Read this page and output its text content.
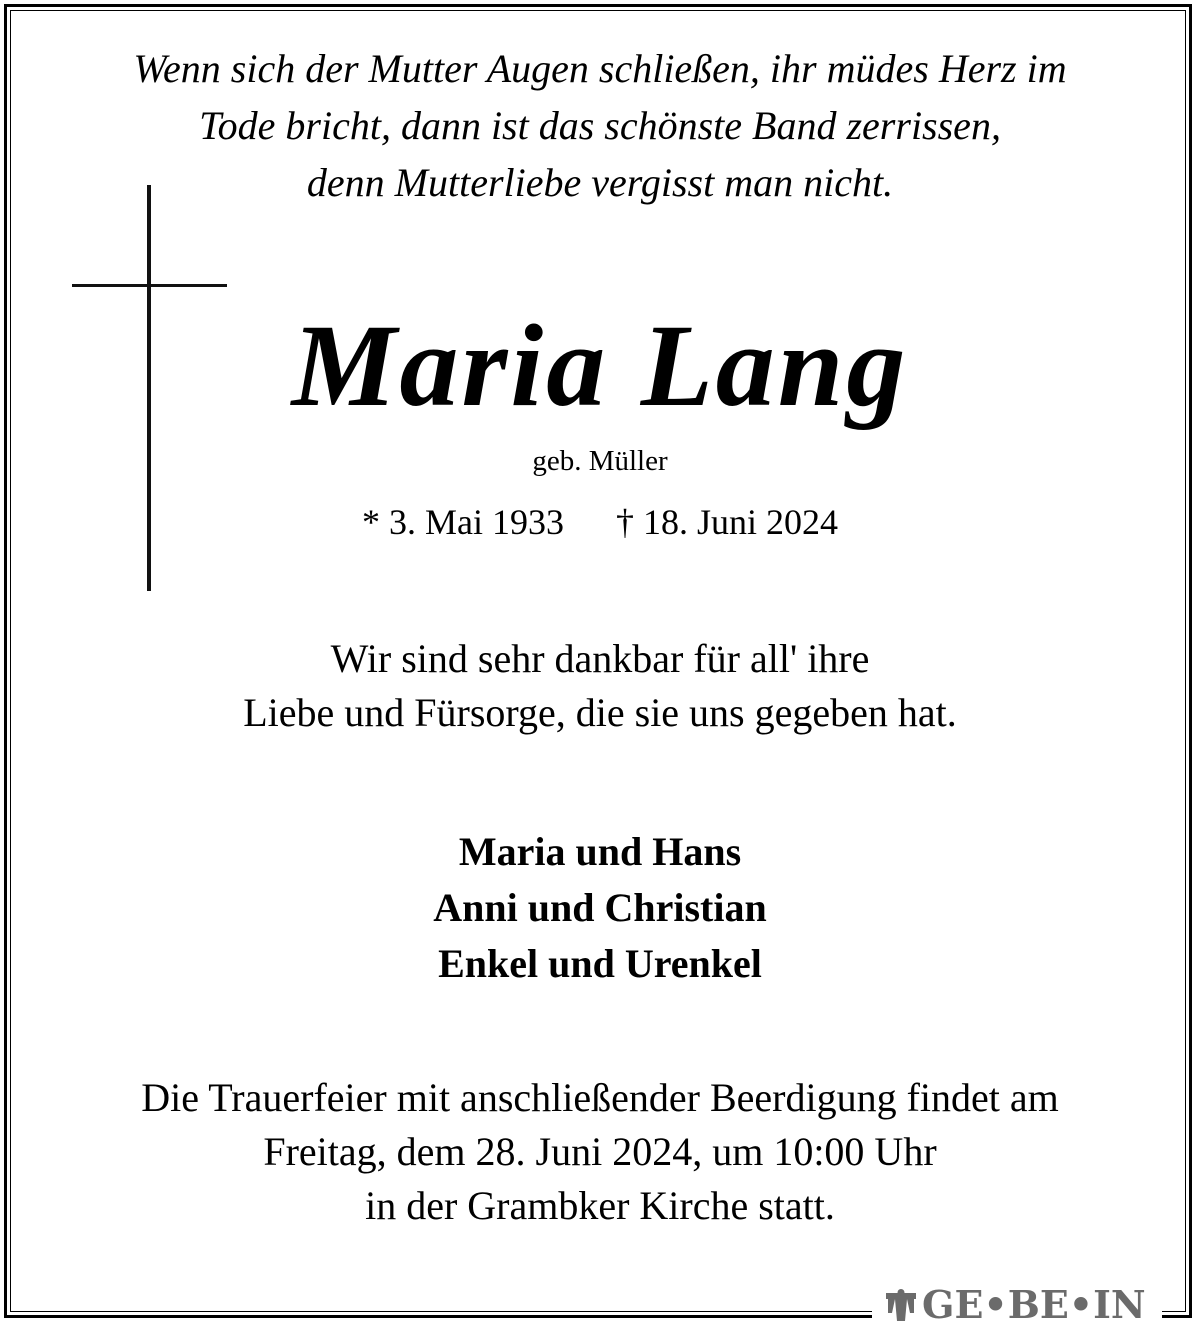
Wenn sich der Mutter Augen schließen, ihr müdes Herz im
Tode bricht, dann ist das schönste Band zerrissen,
denn Mutterliebe vergisst man nicht.
Maria Lang
geb. Müller
* 3. Mai 1933 † 18. Juni 2024
Wir sind sehr dankbar für all' ihre
Liebe und Fürsorge, die sie uns gegeben hat.
Maria und Hans
Anni und Christian
Enkel und Urenkel
Die Trauerfeier mit anschließender Beerdigung findet am
Freitag, dem 28. Juni 2024, um 10:00 Uhr
in der Grambker Kirche statt.
GE•BE•IN
